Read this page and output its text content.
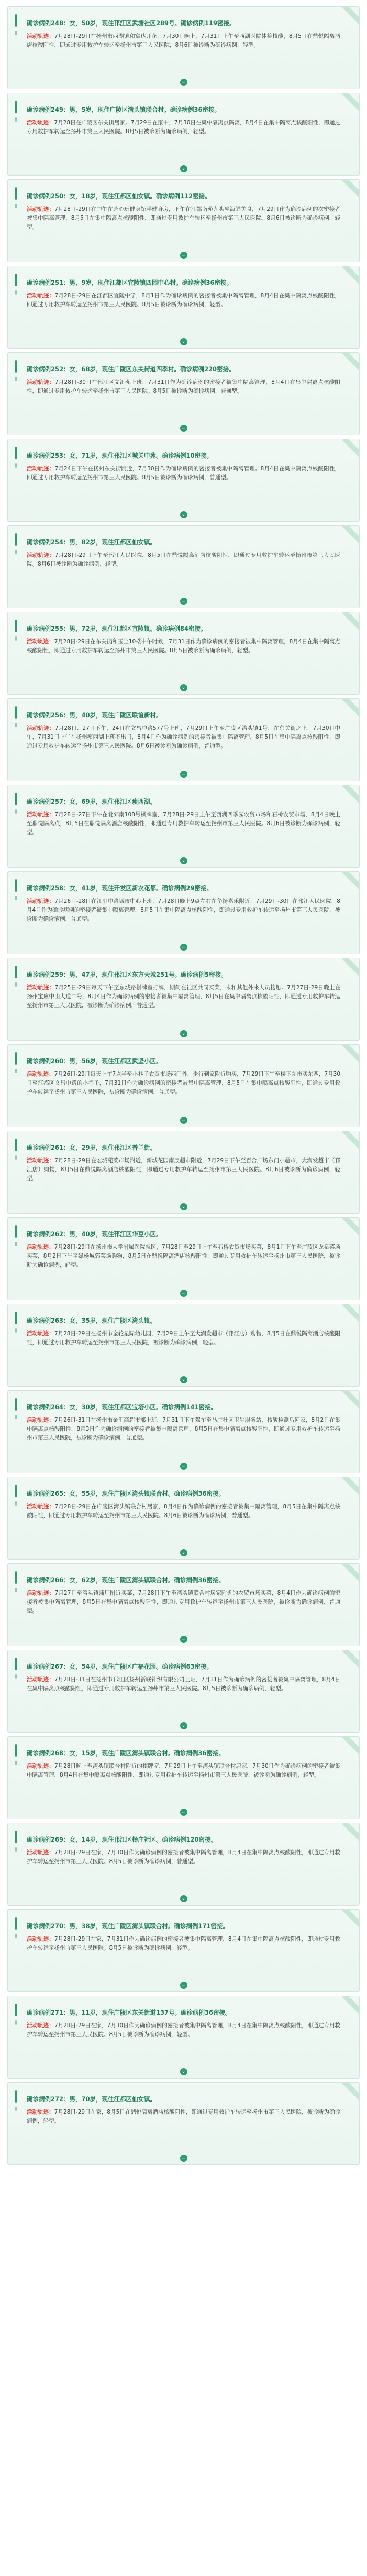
确诊病例248：女，50岁，现住邗江区武塘社区289号。确诊病例119密接。

活动轨迹：7月28日-29日在扬州市西湖镇和富达开花，7月30日晚上，7月31日上午至西湖医院体检核酸，8月5日在鼎悦隔离酒店核酸阳性，即通过专用救护车转运至扬州市第三人民医院，8月6日被诊断为确诊病例，轻型。

⌄
确诊病例249：男，5岁，现住广陵区湾头镇联合村。确诊病例36密接。

活动轨迹：7月28日在广陵区东关街居家。7月29日在家中，7月30日在集中隔离点隔离，8月4日在集中隔离点核酸阳性，即通过专用救护车转运至扬州市第三人民医院。8月5日被诊断为确诊病例，轻型。

⌄
确诊病例250：女，18岁，现住江都区仙女镇。确诊病例112密接。

活动轨迹：7月28日-29日在中午在芝心玩健身馆半健身房，下午在江都南苑九头屋海鲜美食，7月29日作为确诊病例的次密接者被集中隔离管理，8月5日在集中隔离点核酸阳性，即通过专用救护车转运至扬州市第三人民医院。8月6日被诊断为确诊病例，轻型。

⌄
确诊病例251：男，9岁，现住江都区宜陵镇四园中心村。确诊病例36密接。

活动轨迹：7月28日-29日在江都区宜陵中学，8月1日作为确诊病例的密接者被集中隔离管理，8月4日在集中隔离点核酸阳性，即通过专用救护车转运至扬州市第三人民医院。8月5日被诊断为确诊病例，轻型。

⌄
确诊病例252：女，68岁，现住广陵区东关街道四季村。确诊病例220密接。

活动轨迹：7月28日-30日在邗江区文汇苑上班，7月31日作为确诊病例的密接者被集中隔离管理，8月4日在集中隔离点核酸阳性，即通过专用救护车转运至扬州市第三人民医院。8月5日被诊断为确诊病例，普通型。

⌄
确诊病例253：女，71岁，现住邗江区城关中苑。确诊病例10密接。

活动轨迹：7月24日下午在扬州东关街附近，7月30日作为确诊病例的密接者被集中隔离管理。8月4日在集中隔离点核酸阳性，即通过专用救护车转运至扬州市第三人民医院。8月5日被诊断为确诊病例，普通型。

⌄
确诊病例254：男，82岁，现住江都区仙女镇。

活动轨迹：7月28日-29日上午至邗江人民医院，8月5日在鼎悦隔离酒店核酸阳性，即通过专用救护车转运至扬州市第三人民医院。8月6日被诊断为确诊病例，轻型。

⌄
确诊病例255：男，72岁，现住江都区宜陵镇。确诊病例84密接。

活动轨迹：7月28日-29日在东关街和玉宝10楼中午时候，7月31日作为确诊病例的密接者被集中隔离管理，8月4日在集中隔离点核酸阳性，即通过专用救护车转运至扬州市第三人民医院。8月5日被诊断为确诊病例，轻型。

⌄
确诊病例256：男，40岁，现住广陵区联谊新村。

活动轨迹：7月28日、27日下午，24日在文昌中路577号上班，7月29日上午至广陵区湾头镇1号，在东关街之上，7月30日中午，7月31日上午在扬州瘦西湖上班不出门，8月4日作为确诊病例的密接者被集中隔离管理，8月5日在集中隔离点核酸阳性，即通过专用救护车转运至扬州市第三人民医院。8月6日被诊断为确诊病例，普通型。

⌄
确诊病例257：女，69岁，现住邗江区瘦西湖。

活动轨迹：7月28日-27日下午在北郊南108号棋牌室，7月28日-29日上午至西湖四季园农贸市场和石桥农贸市场，8月4日晚上至鼎悦隔离点，8月5日在鼎悦隔离酒店核酸阳性，即通过专用救护车转运至扬州市第三人民医院。8月6日被诊断为确诊病例，轻型。

⌄
确诊病例258：女，41岁，现住开发区新农花都。确诊病例29密接。

活动轨迹：7月26日-28日在江阳中路城市中心上班，7月28日晚上9点左右在华扬嘉乐附近，7月29日-30日在邗江人民医院，8月4日作为确诊病例的密接者被集中隔离管理，8月5日在集中隔离点核酸阳性，即通过专用救护车转运至扬州市第三人民医院，被诊断为确诊病例，普通型。

⌄
确诊病例259：男，47岁，现住邗江区东方天城251号。确诊病例5密接。

活动轨迹：7月25日-29日每天下午至东城路棋牌室打牌，期间在社区共同买菜，未和其他外来人员接触。7月27日-29日晚上在扬州宝应中山大道二号，8月4日作为确诊病例的密接者被集中隔离管理，8月5日在集中隔离点核酸阳性，即通过专用救护车转运至扬州市第三人民医院，被诊断为确诊病例，普通型。

⌄
确诊病例260：男，56岁，现住江都区武坚小区。

活动轨迹：7月26日-29日每天上午7点半至小巷子农贸市场西门外，步行到家附近购买，7月29日下午至楼下超市买东西，7月30日至江都区文昌中路的小巷子，7月31日作为确诊病例的密接者被集中隔离管理，8月5日在集中隔离点核酸阳性，即通过专用救护车转运至扬州市第三人民医院，被诊断为确诊病例，普通型。

⌄
确诊病例261：女，29岁，现住邗江区普兰街。

活动轨迹：7月28日-29日在宏城苑菜市场附近，新城花园南辰超市附近，7月29日下午至百合广场东门小超市，大润发超市（邗江店）购物，8月5日在鼎悦隔离酒店核酸阳性，即通过专用救护车转运至扬州市第三人民医院。8月6日被诊断为确诊病例，轻型。

⌄
确诊病例262：男，40岁，现住邗江区华豆小区。

活动轨迹：7月28日-29日在扬州市大学附属医院就医，7月28日至29日上午至石桥农贸市场买菜，8月1日下午至广陵区龙泉菜场买菜，8月2日下午至绿杨城郭菜场购物，8月5日在鼎悦隔离酒店核酸阳性，即通过专用救护车转运至扬州市第三人民医院，被诊断为确诊病例，轻型。

⌄
确诊病例263：女，35岁，现住广陵区湾头镇。

活动轨迹：7月28日-29日在扬州市金轮星际幼儿园，7月29日上午至大润发超市（邗江店）购物，8月5日在鼎悦隔离酒店核酸阳性，即通过专用救护车转运至扬州市第三人民医院，被诊断为确诊病例，轻型。

⌄
确诊病例264：女，30岁，现住江都区宝塔小区。确诊病例141密接。

活动轨迹：7月26日-31日在扬州市金汇商超市部上班，7月31日下午驾车至马庄社区卫生服务站，核酸检测后回家，8月2日在集中隔离点核酸阳性，8月3日作为确诊病例的密接者被集中隔离管理，8月5日在集中隔离点核酸阳性，即通过专用救护车转运至扬州市第三人民医院，被诊断为确诊病例，普通型。

⌄
确诊病例265：女，55岁，现住广陵区湾头镇联合村。确诊病例36密接。

活动轨迹：7月28日-29日在广陵区湾头镇联合村居家，8月4日作为确诊病例的密接者被集中隔离管理，8月5日在集中隔离点核酸阳性，即通过专用救护车转运至扬州市第三人民医院。8月6日被诊断为确诊病例，普通型。

⌄
确诊病例266：女，62岁，现住广陵区湾头镇联合村。确诊病例36密接。

活动轨迹：7月27日至湾头镇蒲厂附近买菜，7月28日下午至湾头镇联合村居家附近的农贸市场买菜，8月4日作为确诊病例的密接者被集中隔离管理，8月5日在集中隔离点核酸阳性，即通过专用救护车转运至扬州市第三人民医院，被诊断为确诊病例，普通型。

⌄
确诊病例267：女，54岁，现住广陵区广福花园。确诊病例63密接。

活动轨迹：7月28日-31日在扬州市邗江区扬州新联针织有限公司上班，7月31日作为确诊病例的密接者被集中隔离管理，8月4日在集中隔离点核酸阳性，即通过专用救护车转运至扬州市第三人民医院。8月5日被诊断为确诊病例，轻型。

⌄
确诊病例268：女，15岁，现住广陵区湾头镇联合村。确诊病例36密接。

活动轨迹：7月28日晚上至湾头镇联合村附近的棋牌室，7月29日上午至湾头镇联合村居家，7月30日作为确诊病例的密接者被集中隔离管理，8月4日在集中隔离点核酸阳性，即通过专用救护车转运至扬州市第三人民医院，被诊断为确诊病例，轻型。

⌄
确诊病例269：女，14岁，现住邗江区杨庄社区。确诊病例120密接。

活动轨迹：7月28日-29日在家，7月30日作为确诊病例的密接者被集中隔离管理，8月4日在集中隔离点核酸阳性，即通过专用救护车转运至扬州市第三人民医院。8月5日被诊断为确诊病例，普通型。

⌄
确诊病例270：男，38岁，现住广陵区湾头镇联合村。确诊病例171密接。

活动轨迹：7月28日-29日在家，7月31日作为确诊病例的密接者被集中隔离管理，8月4日在集中隔离点核酸阳性，即通过专用救护车转运至扬州市第三人民医院。8月5日被诊断为确诊病例，轻型。

⌄
确诊病例271：男，11岁，现住广陵区东关街道137号。确诊病例36密接。

活动轨迹：7月28日-29日在家，7月30日作为确诊病例的密接者被集中隔离管理，8月4日在集中隔离点核酸阳性，即通过专用救护车转运至扬州市第三人民医院。8月5日被诊断为确诊病例，轻型。

⌄
确诊病例272：男，70岁，现住江都区仙女镇。

活动轨迹：7月28日-29日在家，8月5日在鼎悦隔离酒店核酸阳性，即通过专用救护车转运至扬州市第三人民医院，被诊断为确诊病例，轻型。

⌄
